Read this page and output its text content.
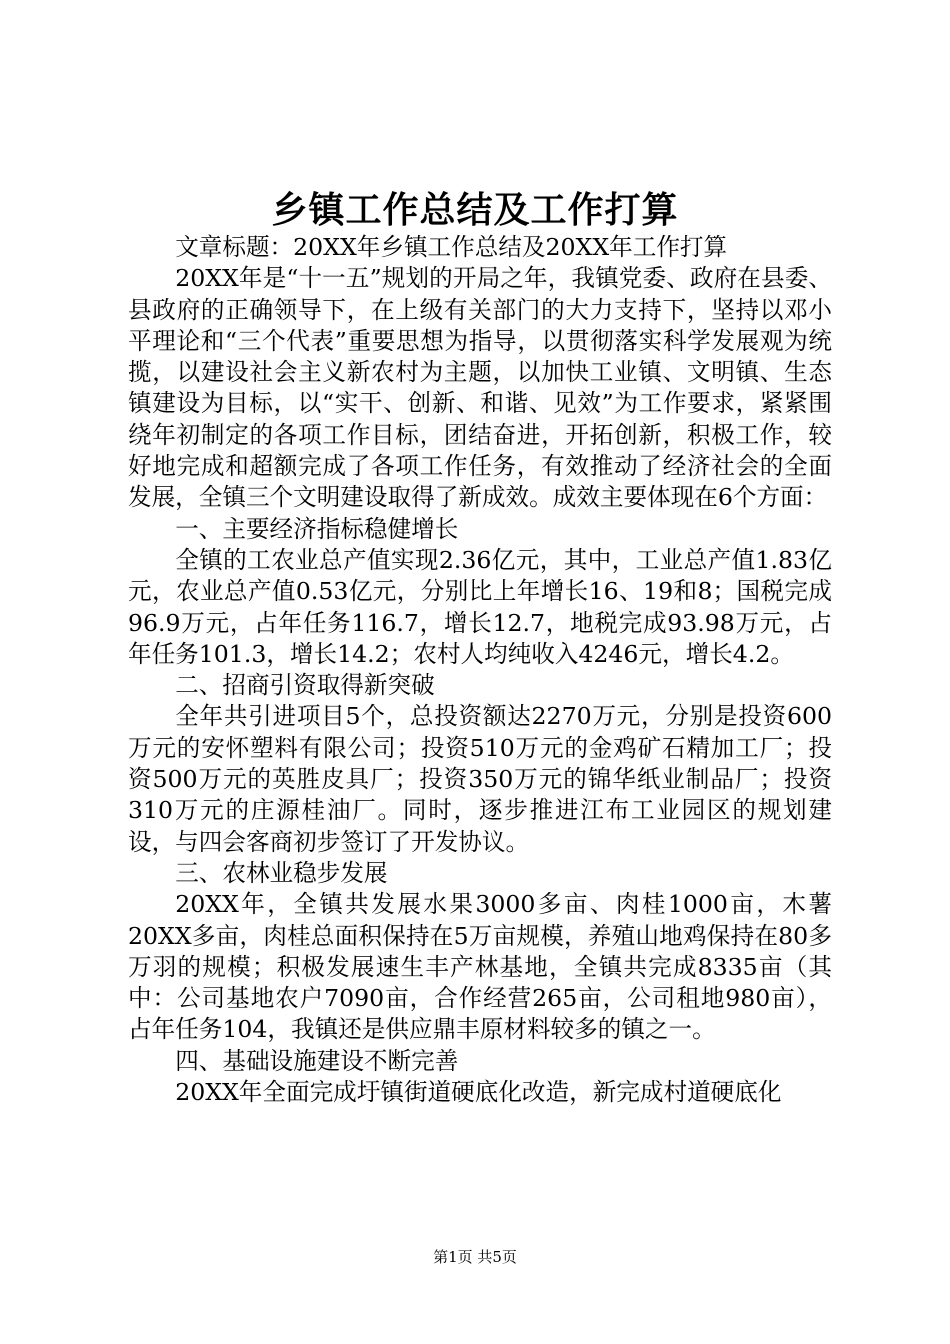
乡镇工作总结及工作打算

文章标题：20XX年乡镇工作总结及20XX年工作打算

20XX年是“十一五”规划的开局之年，我镇党委、政府在县委、县政府的正确领导下，在上级有关部门的大力支持下，坚持以邓小平理论和“三个代表”重要思想为指导，以贯彻落实科学发展观为统揽，以建设社会主义新农村为主题，以加快工业镇、文明镇、生态镇建设为目标，以“实干、创新、和谐、见效”为工作要求，紧紧围绕年初制定的各项工作目标，团结奋进，开拓创新，积极工作，较好地完成和超额完成了各项工作任务，有效推动了经济社会的全面发展，全镇三个文明建设取得了新成效。成效主要体现在6个方面：

一、主要经济指标稳健增长

全镇的工农业总产值实现2.36亿元，其中，工业总产值1.83亿元，农业总产值0.53亿元，分别比上年增长16、19和8；国税完成96.9万元，占年任务116.7，增长12.7，地税完成93.98万元，占年任务101.3，增长14.2；农村人均纯收入4246元，增长4.2。

二、招商引资取得新突破

全年共引进项目5个，总投资额达2270万元，分别是投资600万元的安怀塑料有限公司；投资510万元的金鸡矿石精加工厂；投资500万元的英胜皮具厂；投资350万元的锦华纸业制品厂；投资310万元的庄源桂油厂。同时，逐步推进江布工业园区的规划建设，与四会客商初步签订了开发协议。

三、农林业稳步发展

20XX年，全镇共发展水果3000多亩、肉桂1000亩，木薯20XX多亩，肉桂总面积保持在5万亩规模，养殖山地鸡保持在80多万羽的规模；积极发展速生丰产林基地，全镇共完成8335亩（其中：公司基地农户7090亩，合作经营265亩，公司租地980亩），占年任务104，我镇还是供应鼎丰原材料较多的镇之一。

四、基础设施建设不断完善

20XX年全面完成圩镇街道硬底化改造，新完成村道硬底化

第1页 共5页
